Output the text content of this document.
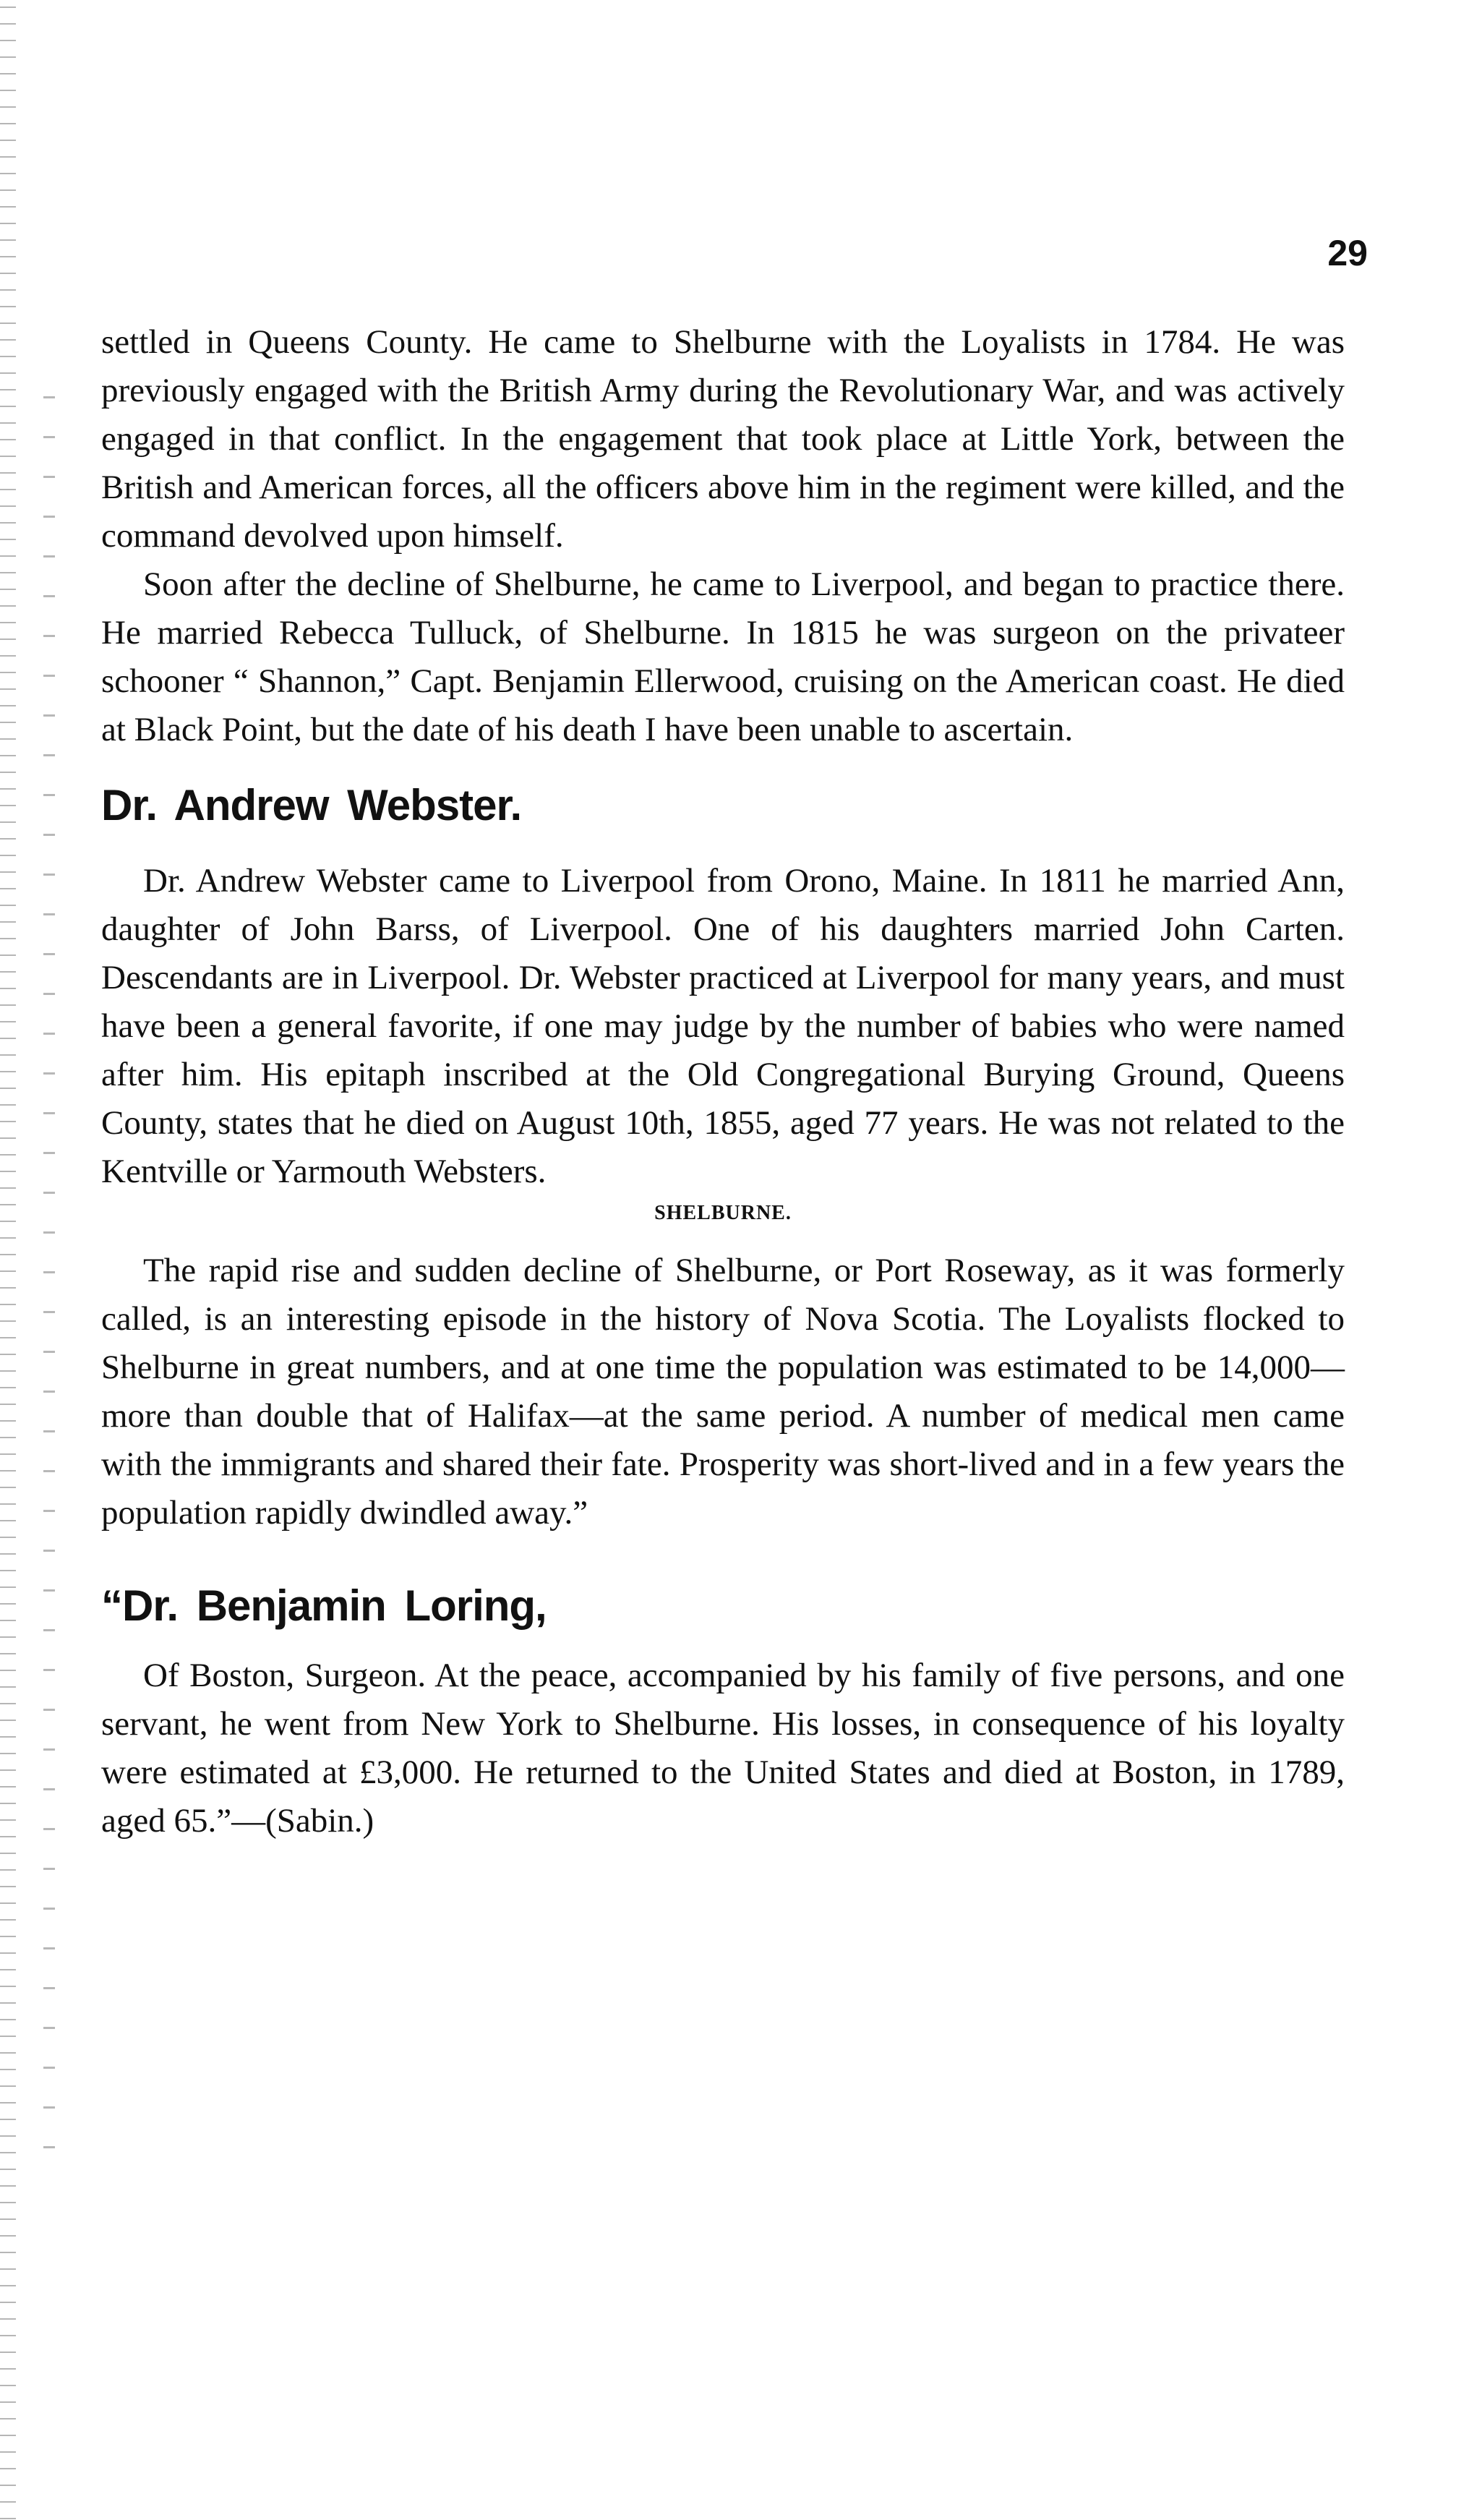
29

settled in Queens County. He came to Shelburne with the Loyalists in 1784. He was previously engaged with the British Army during the Revolutionary War, and was actively engaged in that conflict. In the engagement that took place at Little York, between the British and American forces, all the officers above him in the regiment were killed, and the command devolved upon himself.

Soon after the decline of Shelburne, he came to Liverpool, and began to practice there. He married Rebecca Tulluck, of Shelburne. In 1815 he was surgeon on the privateer schooner “ Shannon,” Capt. Benjamin Ellerwood, cruising on the American coast. He died at Black Point, but the date of his death I have been unable to ascertain.

Dr. Andrew Webster.

Dr. Andrew Webster came to Liverpool from Orono, Maine. In 1811 he married Ann, daughter of John Barss, of Liverpool. One of his daughters married John Carten. Descendants are in Liverpool. Dr. Webster practiced at Liverpool for many years, and must have been a general favorite, if one may judge by the number of babies who were named after him. His epitaph inscribed at the Old Congregational Burying Ground, Queens County, states that he died on August 10th, 1855, aged 77 years. He was not related to the Kentville or Yarmouth Websters.

SHELBURNE.

The rapid rise and sudden decline of Shelburne, or Port Roseway, as it was formerly called, is an interesting episode in the history of Nova Scotia. The Loyalists flocked to Shelburne in great numbers, and at one time the population was estimated to be 14,000—more than double that of Halifax—at the same period. A number of medical men came with the immigrants and shared their fate. Prosperity was short-lived and in a few years the population rapidly dwindled away.”

“Dr. Benjamin Loring,

Of Boston, Surgeon. At the peace, accompanied by his family of five persons, and one servant, he went from New York to Shelburne. His losses, in consequence of his loyalty were estimated at £3,000. He returned to the United States and died at Boston, in 1789, aged 65.”—(Sabin.)
